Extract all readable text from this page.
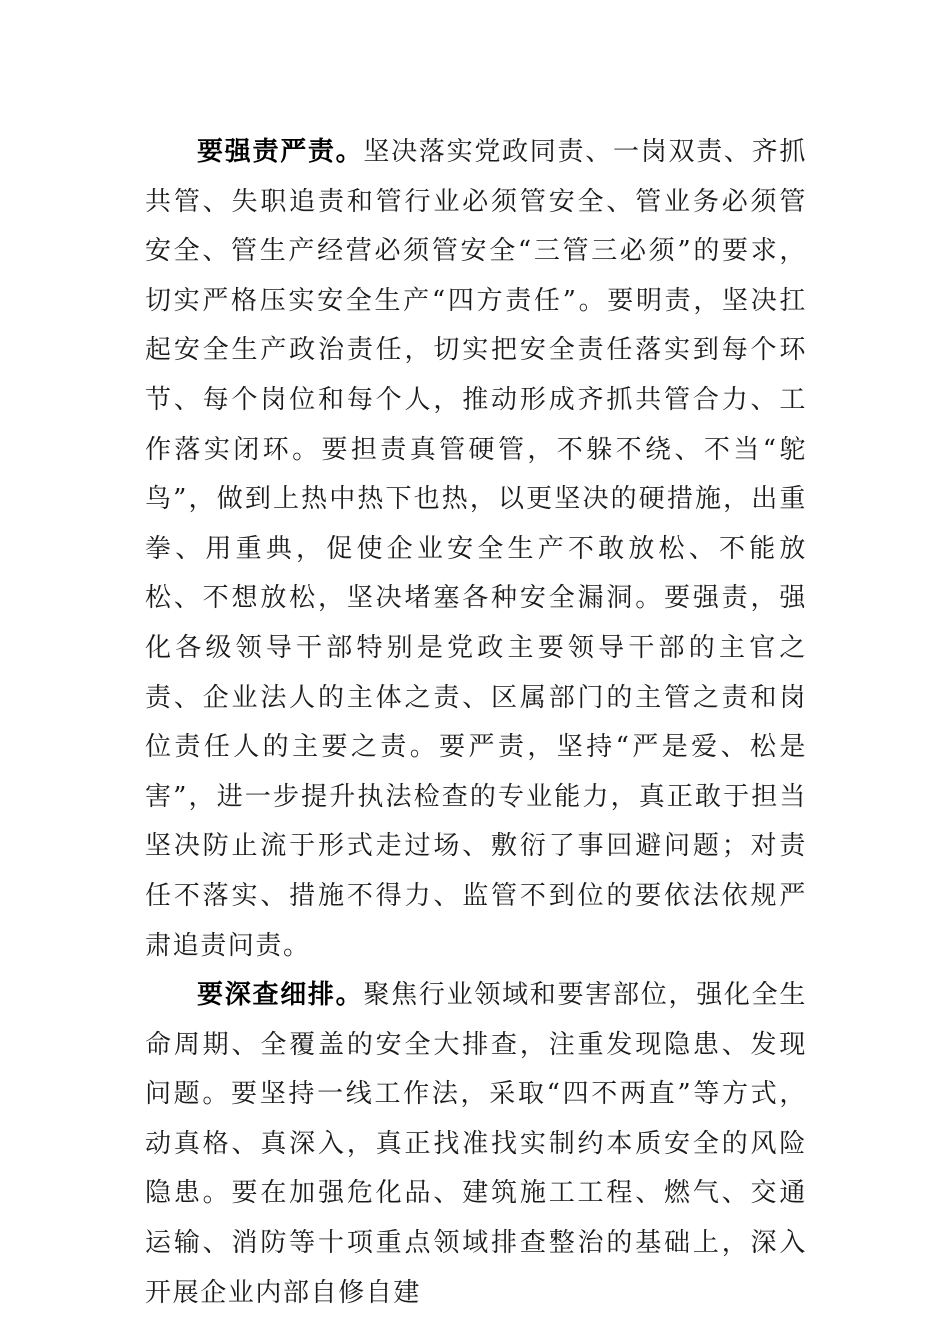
要强责严责。坚决落实党政同责、一岗双责、齐抓共管、失职追责和管行业必须管安全、管业务必须管安全、管生产经营必须管安全“三管三必须”的要求，切实严格压实安全生产“四方责任”。要明责，坚决扛起安全生产政治责任，切实把安全责任落实到每个环节、每个岗位和每个人，推动形成齐抓共管合力、工作落实闭环。要担责真管硬管，不躲不绕、不当“鸵鸟”，做到上热中热下也热，以更坚决的硬措施，出重拳、用重典，促使企业安全生产不敢放松、不能放松、不想放松，坚决堵塞各种安全漏洞。要强责，强化各级领导干部特别是党政主要领导干部的主官之责、企业法人的主体之责、区属部门的主管之责和岗位责任人的主要之责。要严责，坚持“严是爱、松是害”，进一步提升执法检查的专业能力，真正敢于担当坚决防止流于形式走过场、敷衍了事回避问题；对责任不落实、措施不得力、监管不到位的要依法依规严肃追责问责。

要深查细排。聚焦行业领域和要害部位，强化全生命周期、全覆盖的安全大排查，注重发现隐患、发现问题。要坚持一线工作法，采取“四不两直”等方式，动真格、真深入，真正找准找实制约本质安全的风险隐患。要在加强危化品、建筑施工工程、燃气、交通运输、消防等十项重点领域排查整治的基础上，深入开展企业内部自修自建
